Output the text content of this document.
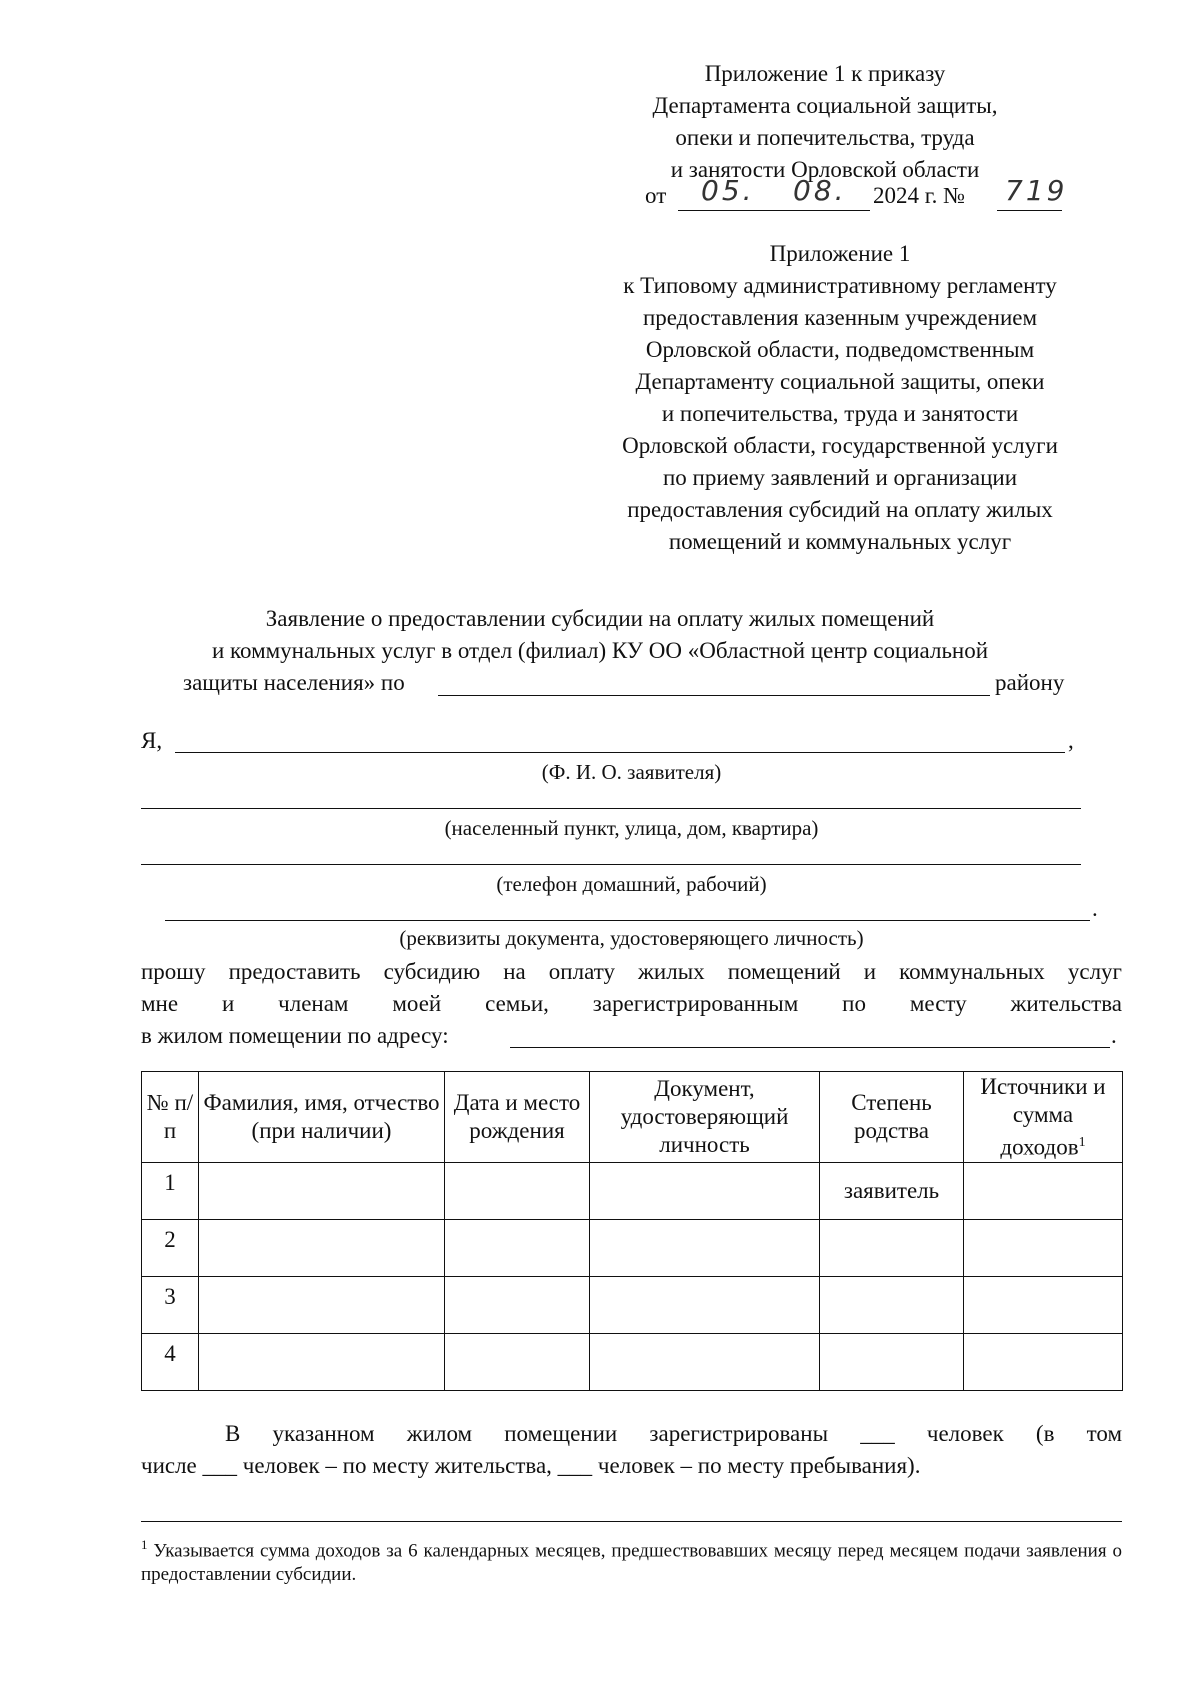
Приложение 1 к приказу
Департамента социальной защиты,
опеки и попечительства, труда
и занятости Орловской области
от 05. 08. 2024 г. № 719
Приложение 1
к Типовому административному регламенту
предоставления казенным учреждением
Орловской области, подведомственным
Департаменту социальной защиты, опеки
и попечительства, труда и занятости
Орловской области, государственной услуги
по приему заявлений и организации
предоставления субсидий на оплату жилых
помещений и коммунальных услуг
Заявление о предоставлении субсидии на оплату жилых помещений
и коммунальных услуг в отдел (филиал) КУ ОО «Областной центр социальной
защиты населения» по	району
Я,	,
(Ф. И. О. заявителя)
(населенный пункт, улица, дом, квартира)
(телефон домашний, рабочий)
.
(реквизиты документа, удостоверяющего личность)
прошу предоставить субсидию на оплату жилых помещений и коммунальных услуг
мне и членам моей семьи, зарегистрированным по месту жительства
в жилом помещении по адресу:	.
№ п/п	Фамилия, имя, отчество (при наличии)	Дата и место рождения	Документ, удостоверяющий личность	Степень родства	Источники и сумма доходов$^1$
1				заявитель	
2					
3					
4					
В указанном жилом помещении зарегистрированы ___ человек (в том
числе ___ человек – по месту жительства, ___ человек – по месту пребывания).
$^1$ Указывается сумма доходов за 6 календарных месяцев, предшествовавших месяцу перед месяцем подачи заявления о предоставлении субсидии.
